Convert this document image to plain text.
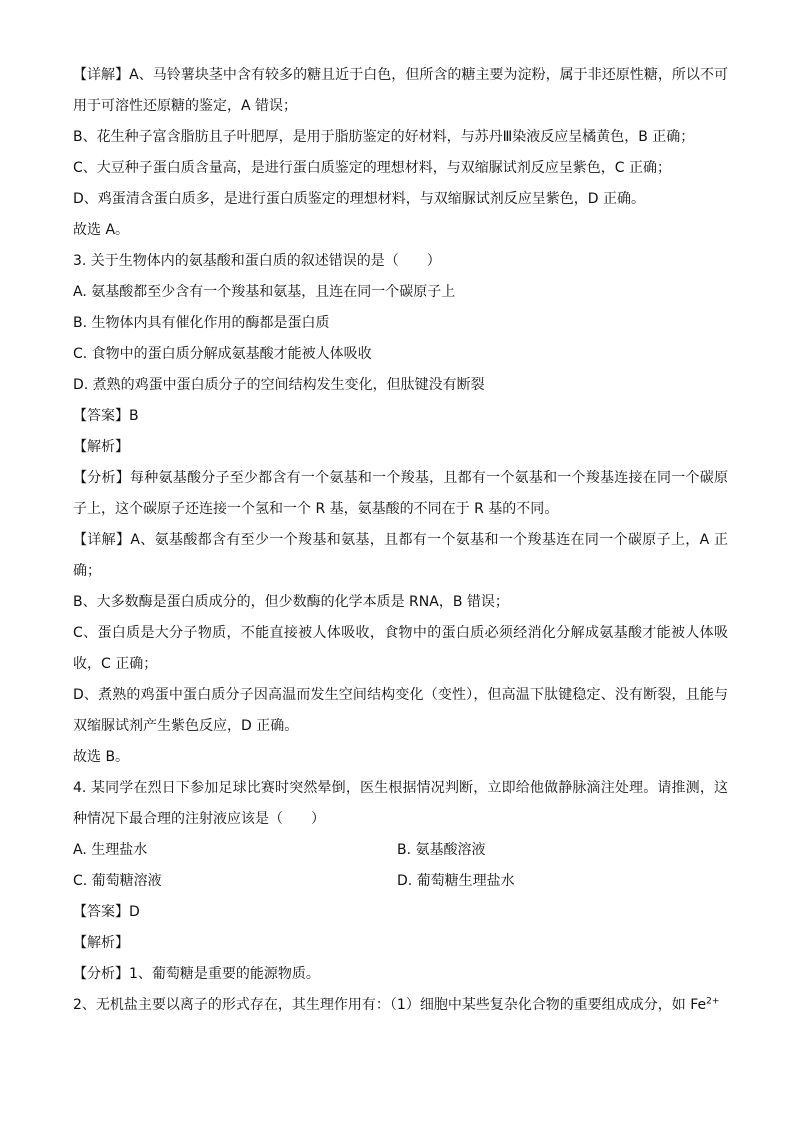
【详解】A、马铃薯块茎中含有较多的糖且近于白色，但所含的糖主要为淀粉，属于非还原性糖，所以不可用于可溶性还原糖的鉴定，A 错误；

B、花生种子富含脂肪且子叶肥厚，是用于脂肪鉴定的好材料，与苏丹Ⅲ染液反应呈橘黄色，B 正确；

C、大豆种子蛋白质含量高，是进行蛋白质鉴定的理想材料，与双缩脲试剂反应呈紫色，C 正确；

D、鸡蛋清含蛋白质多，是进行蛋白质鉴定的理想材料，与双缩脲试剂反应呈紫色，D 正确。

故选 A。

3. 关于生物体内的氨基酸和蛋白质的叙述错误的是（　　）

A. 氨基酸都至少含有一个羧基和氨基，且连在同一个碳原子上

B. 生物体内具有催化作用的酶都是蛋白质

C. 食物中的蛋白质分解成氨基酸才能被人体吸收

D. 煮熟的鸡蛋中蛋白质分子的空间结构发生变化，但肽键没有断裂

【答案】B

【解析】

【分析】每种氨基酸分子至少都含有一个氨基和一个羧基，且都有一个氨基和一个羧基连接在同一个碳原子上，这个碳原子还连接一个氢和一个 R 基，氨基酸的不同在于 R 基的不同。

【详解】A、氨基酸都含有至少一个羧基和氨基，且都有一个氨基和一个羧基连在同一个碳原子上，A 正确；

B、大多数酶是蛋白质成分的，但少数酶的化学本质是 RNA，B 错误；

C、蛋白质是大分子物质，不能直接被人体吸收，食物中的蛋白质必须经消化分解成氨基酸才能被人体吸收，C 正确；

D、煮熟的鸡蛋中蛋白质分子因高温而发生空间结构变化（变性），但高温下肽键稳定、没有断裂，且能与双缩脲试剂产生紫色反应，D 正确。

故选 B。

4. 某同学在烈日下参加足球比赛时突然晕倒，医生根据情况判断，立即给他做静脉滴注处理。请推测，这种情况下最合理的注射液应该是（　　）

A. 生理盐水	B. 氨基酸溶液
C. 葡萄糖溶液	D. 葡萄糖生理盐水

【答案】D

【解析】

【分析】1、葡萄糖是重要的能源物质。

2、无机盐主要以离子的形式存在，其生理作用有：（1）细胞中某些复杂化合物的重要组成成分，如 $Fe^{2+}$
